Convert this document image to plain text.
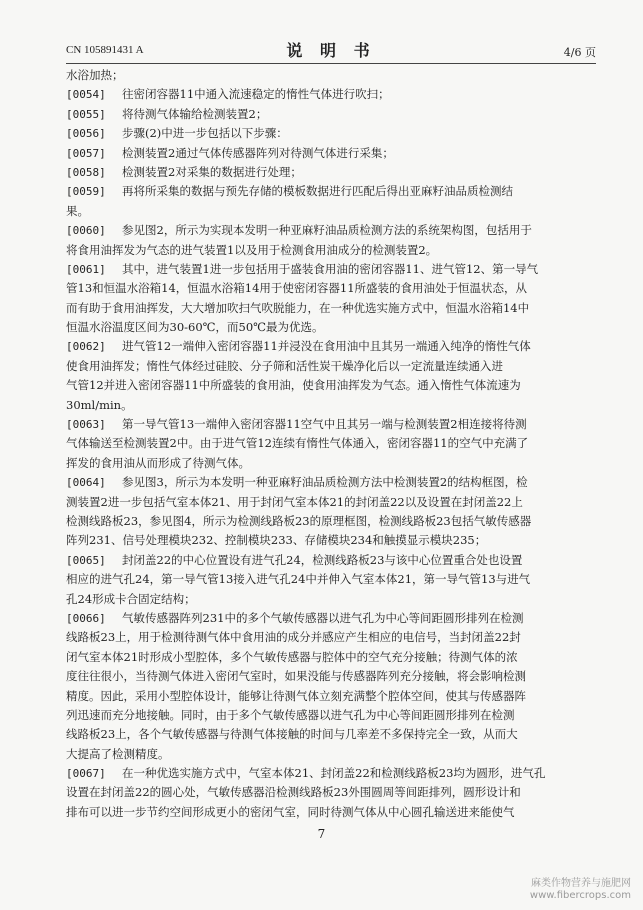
CN 105891431 A	说 明 书	4/6 页
水浴加热；
[0054]	往密闭容器11中通入流速稳定的惰性气体进行吹扫；
[0055]	将待测气体输给检测装置2；
[0056]	步骤(2)中进一步包括以下步骤：
[0057]	检测装置2通过气体传感器阵列对待测气体进行采集；
[0058]	检测装置2对采集的数据进行处理；
[0059]	再将所采集的数据与预先存储的模板数据进行匹配后得出亚麻籽油品质检测结
果。
[0060]	参见图2，所示为实现本发明一种亚麻籽油品质检测方法的系统架构图，包括用于
将食用油挥发为气态的进气装置1以及用于检测食用油成分的检测装置2。
[0061]	其中，进气装置1进一步包括用于盛装食用油的密闭容器11、进气管12、第一导气
管13和恒温水浴箱14，恒温水浴箱14用于使密闭容器11所盛装的食用油处于恒温状态，从
而有助于食用油挥发，大大增加吹扫气吹脱能力，在一种优选实施方式中，恒温水浴箱14中
恒温水浴温度区间为30-60℃，而50℃最为优选。
[0062]	进气管12一端伸入密闭容器11并浸没在食用油中且其另一端通入纯净的惰性气体
使食用油挥发；惰性气体经过硅胶、分子筛和活性炭干燥净化后以一定流量连续通入进
气管12并进入密闭容器11中所盛装的食用油，使食用油挥发为气态。通入惰性气体流速为
30ml/min。
[0063]	第一导气管13一端伸入密闭容器11空气中且其另一端与检测装置2相连接将待测
气体输送至检测装置2中。由于进气管12连续有惰性气体通入，密闭容器11的空气中充满了
挥发的食用油从而形成了待测气体。
[0064]	参见图3，所示为本发明一种亚麻籽油品质检测方法中检测装置2的结构框图，检
测装置2进一步包括气室本体21、用于封闭气室本体21的封闭盖22以及设置在封闭盖22上
检测线路板23，参见图4，所示为检测线路板23的原理框图，检测线路板23包括气敏传感器
阵列231、信号处理模块232、控制模块233、存储模块234和触摸显示模块235；
[0065]	封闭盖22的中心位置设有进气孔24，检测线路板23与该中心位置重合处也设置
相应的进气孔24，第一导气管13接入进气孔24中并伸入气室本体21，第一导气管13与进气
孔24形成卡合固定结构；
[0066]	气敏传感器阵列231中的多个气敏传感器以进气孔为中心等间距圆形排列在检测
线路板23上，用于检测待测气体中食用油的成分并感应产生相应的电信号，当封闭盖22封
闭气室本体21时形成小型腔体，多个气敏传感器与腔体中的空气充分接触；待测气体的浓
度往往很小，当待测气体进入密闭气室时，如果没能与传感器阵列充分接触，将会影响检测
精度。因此，采用小型腔体设计，能够让待测气体立刻充满整个腔体空间，使其与传感器阵
列迅速而充分地接触。同时，由于多个气敏传感器以进气孔为中心等间距圆形排列在检测
线路板23上，各个气敏传感器与待测气体接触的时间与几率差不多保持完全一致，从而大
大提高了检测精度。
[0067]	在一种优选实施方式中，气室本体21、封闭盖22和检测线路板23均为圆形，进气孔
设置在封闭盖22的圆心处，气敏传感器沿检测线路板23外围圆周等间距排列，圆形设计和
排布可以进一步节约空间形成更小的密闭气室，同时待测气体从中心圆孔输送进来能使气
7
麻类作物营养与施肥网
www.fibercrops.com
